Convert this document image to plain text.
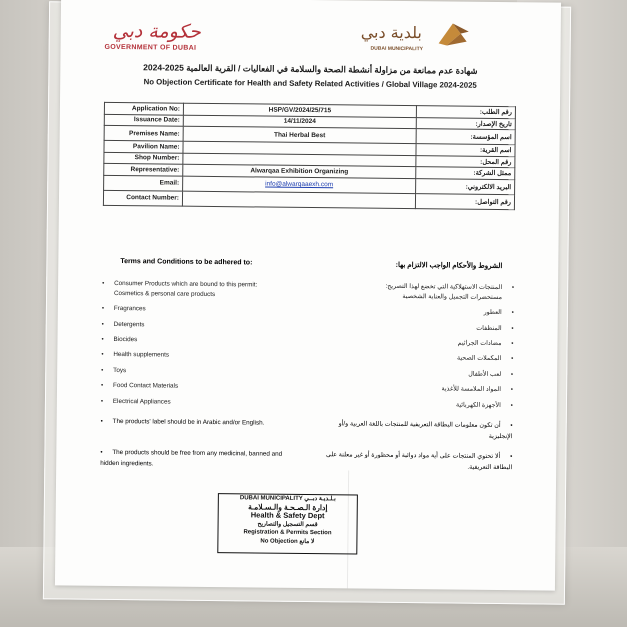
حكومة دبي
GOVERNMENT OF DUBAI
بلدية دبي
DUBAI MUNICIPALITY
شهادة عدم ممانعة من مزاولة أنشطة الصحة والسلامة في الفعاليات / القرية العالمية 2025-2024
No Objection Certificate for Health and Safety Related Activities / Global Village 2024-2025
Application No:	HSP/GV/2024/25/715	رقم الطلب:
Issuance Date:	14/11/2024	تاريخ الإصدار:
Premises Name:	Thai Herbal Best	اسم المؤسسة:
Pavilion Name:		اسم القرية:
Shop Number:		رقم المحل:
Representative:	Alwarqaa Exhibition Organizing	ممثل الشركة:
Email:	info@alwarqaaexh.com	البريد الالكتروني:
Contact Number:		رقم التواصل:
Terms and Conditions to be adhered to:	الشروط والأحكام الواجب الالتزام بها:
• Consumer Products which are bound to this permit:
Cosmetics & personal care products
• Fragrances
• Detergents
• Biocides
• Health supplements
• Toys
• Food Contact Materials
• Electrical Appliances
•المنتجات الاستهلاكية التي تخضع لهذا التصريح:
مستحضرات التجميل والعناية الشخصية
•العطور
•المنظفات
•مضادات الجراثيم
•المكملات الصحية
•لعب الأطفال
•المواد الملامسة للأغذية
•الأجهزة الكهربائية
• The products' label should be in Arabic and/or English.	•أن تكون معلومات البطاقة التعريفية للمنتجات باللغة العربية و/أو الإنجليزية
• The products should be free from any medicinal, banned and hidden ingredients.
•ألا تحتوي المنتجات على أية مواد دوائية أو محظورة أو غير معلنة على البطاقة التعريفية.
DUBAI MUNICIPALITY بـلـديـة دبــي
إدارة الـصـحـة والـسـلامـة
Health & Safety Dept
قسم التسجيل والتصاريح
Registration & Permits Section
No Objection لا مانع
